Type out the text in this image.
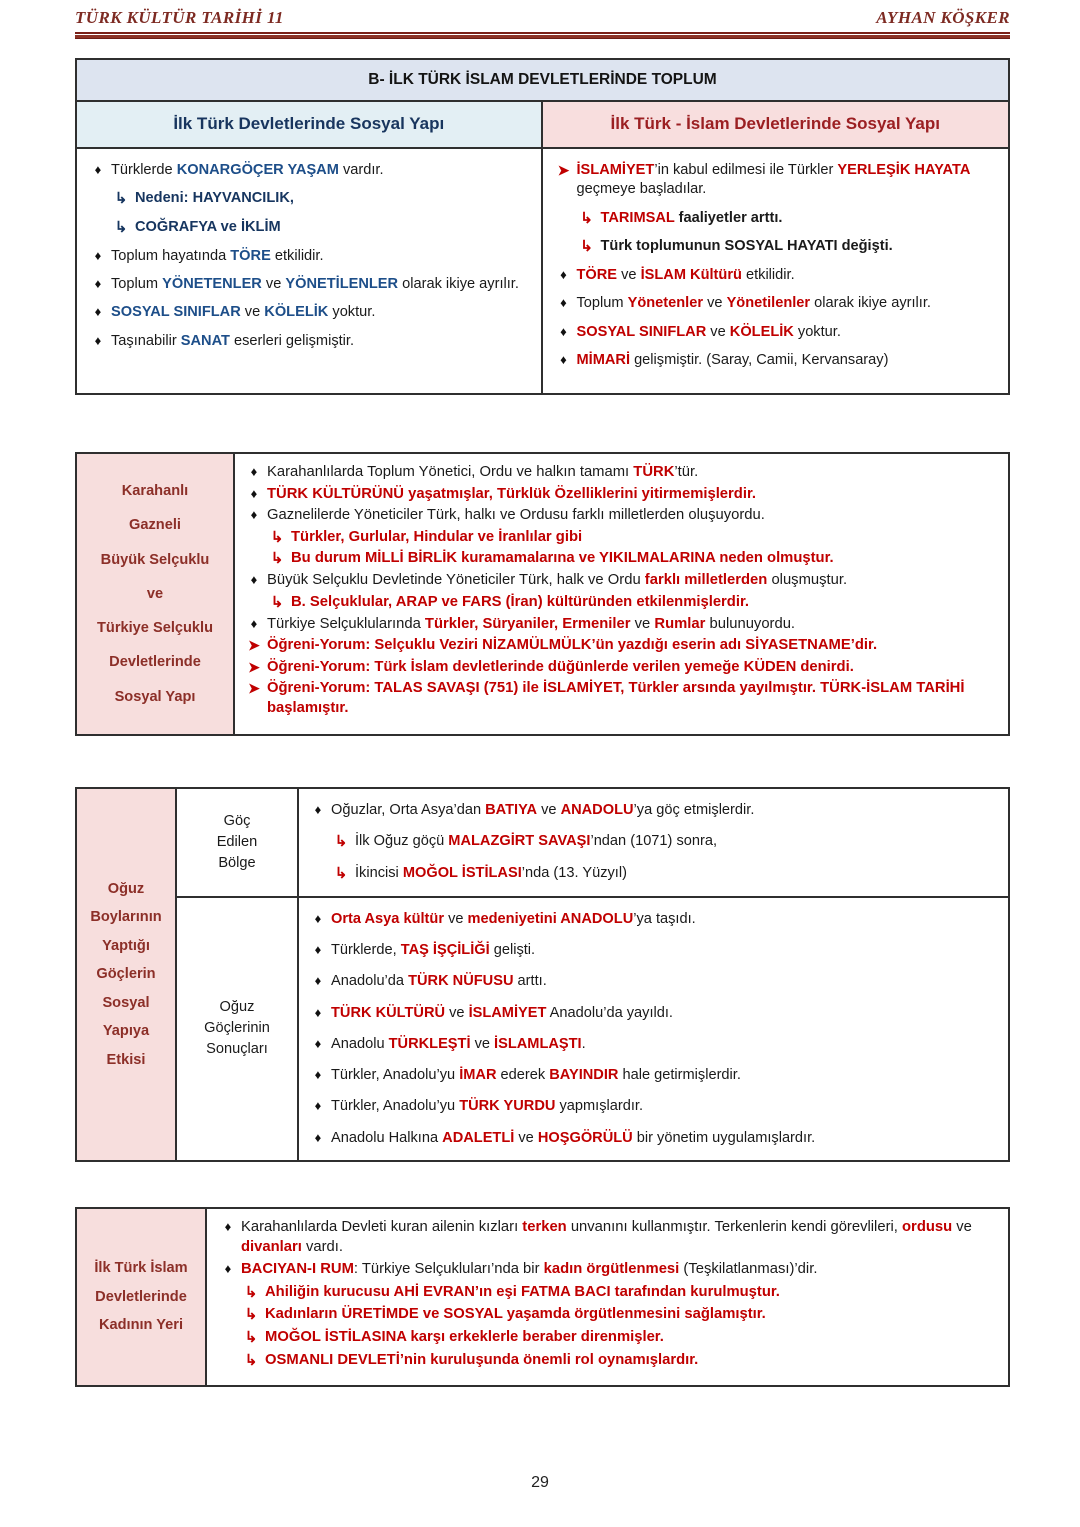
TÜRK KÜLTÜR TARİHİ 11	AYHAN KÖŞKER
B- İLK TÜRK İSLAM DEVLETLERİNDE TOPLUM
İlk Türk Devletlerinde Sosyal Yapı	İlk Türk - İslam Devletlerinde Sosyal Yapı
♦ Türklerde KONARGÖÇER YAŞAM vardır.
↳ Nedeni: HAYVANCILIK,
↳ COĞRAFYA ve İKLİM
♦ Toplum hayatında TÖRE etkilidir.
♦ Toplum YÖNETENLER ve YÖNETİLENLER olarak ikiye ayrılır.
♦ SOSYAL SINIFLAR ve KÖLELİK yoktur.
♦ Taşınabilir SANAT eserleri gelişmiştir.
➤ İSLAMİYET’in kabul edilmesi ile Türkler YERLEŞİK HAYATA geçmeye başladılar.
↳ TARIMSAL faaliyetler arttı.
↳ Türk toplumunun SOSYAL HAYATI değişti.
♦ TÖRE ve İSLAM Kültürü etkilidir.
♦ Toplum Yönetenler ve Yönetilenler olarak ikiye ayrılır.
♦ SOSYAL SINIFLAR ve KÖLELİK yoktur.
♦ MİMARİ gelişmiştir. (Saray, Camii, Kervansaray)
Karahanlı
Gazneli
Büyük Selçuklu
ve
Türkiye Selçuklu
Devletlerinde
Sosyal Yapı
♦ Karahanlılarda Toplum Yönetici, Ordu ve halkın tamamı TÜRK’tür.
♦ TÜRK KÜLTÜRÜNÜ yaşatmışlar, Türklük Özelliklerini yitirmemişlerdir.
♦ Gaznelilerde Yöneticiler Türk, halkı ve Ordusu farklı milletlerden oluşuyordu.
↳ Türkler, Gurlular, Hindular ve İranlılar gibi
↳ Bu durum MİLLİ BİRLİK kuramamalarına ve YIKILMALARINA neden olmuştur.
♦ Büyük Selçuklu Devletinde Yöneticiler Türk, halk ve Ordu farklı milletlerden oluşmuştur.
↳ B. Selçuklular, ARAP ve FARS (İran) kültüründen etkilenmişlerdir.
♦ Türkiye Selçuklularında Türkler, Süryaniler, Ermeniler ve Rumlar bulunuyordu.
➤ Öğreni-Yorum: Selçuklu Veziri NİZAMÜLMÜLK’ün yazdığı eserin adı SİYASETNAME’dir.
➤ Öğreni-Yorum: Türk İslam devletlerinde düğünlerde verilen yemeğe KÜDEN denirdi.
➤ Öğreni-Yorum: TALAS SAVAŞI (751) ile İSLAMİYET, Türkler arsında yayılmıştır. TÜRK-İSLAM TARİHİ başlamıştır.
Oğuz
Boylarının
Yaptığı
Göçlerin
Sosyal
Yapıya
Etkisi
Göç
Edilen
Bölge
♦ Oğuzlar, Orta Asya’dan BATIYA ve ANADOLU’ya göç etmişlerdir.
↳ İlk Oğuz göçü MALAZGİRT SAVAŞI’ndan (1071) sonra,
↳ İkincisi MOĞOL İSTİLASI’nda (13. Yüzyıl)
Oğuz
Göçlerinin
Sonuçları
♦ Orta Asya kültür ve medeniyetini ANADOLU’ya taşıdı.
♦ Türklerde, TAŞ İŞÇİLİĞİ gelişti.
♦ Anadolu’da TÜRK NÜFUSU arttı.
♦ TÜRK KÜLTÜRÜ ve İSLAMİYET Anadolu’da yayıldı.
♦ Anadolu TÜRKLEŞTİ ve İSLAMLAŞTI.
♦ Türkler, Anadolu’yu İMAR ederek BAYINDIR hale getirmişlerdir.
♦ Türkler, Anadolu’yu TÜRK YURDU yapmışlardır.
♦ Anadolu Halkına ADALETLİ ve HOŞGÖRÜLÜ bir yönetim uygulamışlardır.
İlk Türk İslam
Devletlerinde
Kadının Yeri
♦ Karahanlılarda Devleti kuran ailenin kızları terken unvanını kullanmıştır. Terkenlerin kendi görevlileri, ordusu ve divanları vardı.
♦ BACIYAN-I RUM: Türkiye Selçukluları’nda bir kadın örgütlenmesi (Teşkilatlanması)’dir.
↳ Ahiliğin kurucusu AHİ EVRAN’ın eşi FATMA BACI tarafından kurulmuştur.
↳ Kadınların ÜRETİMDE ve SOSYAL yaşamda örgütlenmesini sağlamıştır.
↳ MOĞOL İSTİLASINA karşı erkeklerle beraber direnmişler.
↳ OSMANLI DEVLETİ’nin kuruluşunda önemli rol oynamışlardır.
29
